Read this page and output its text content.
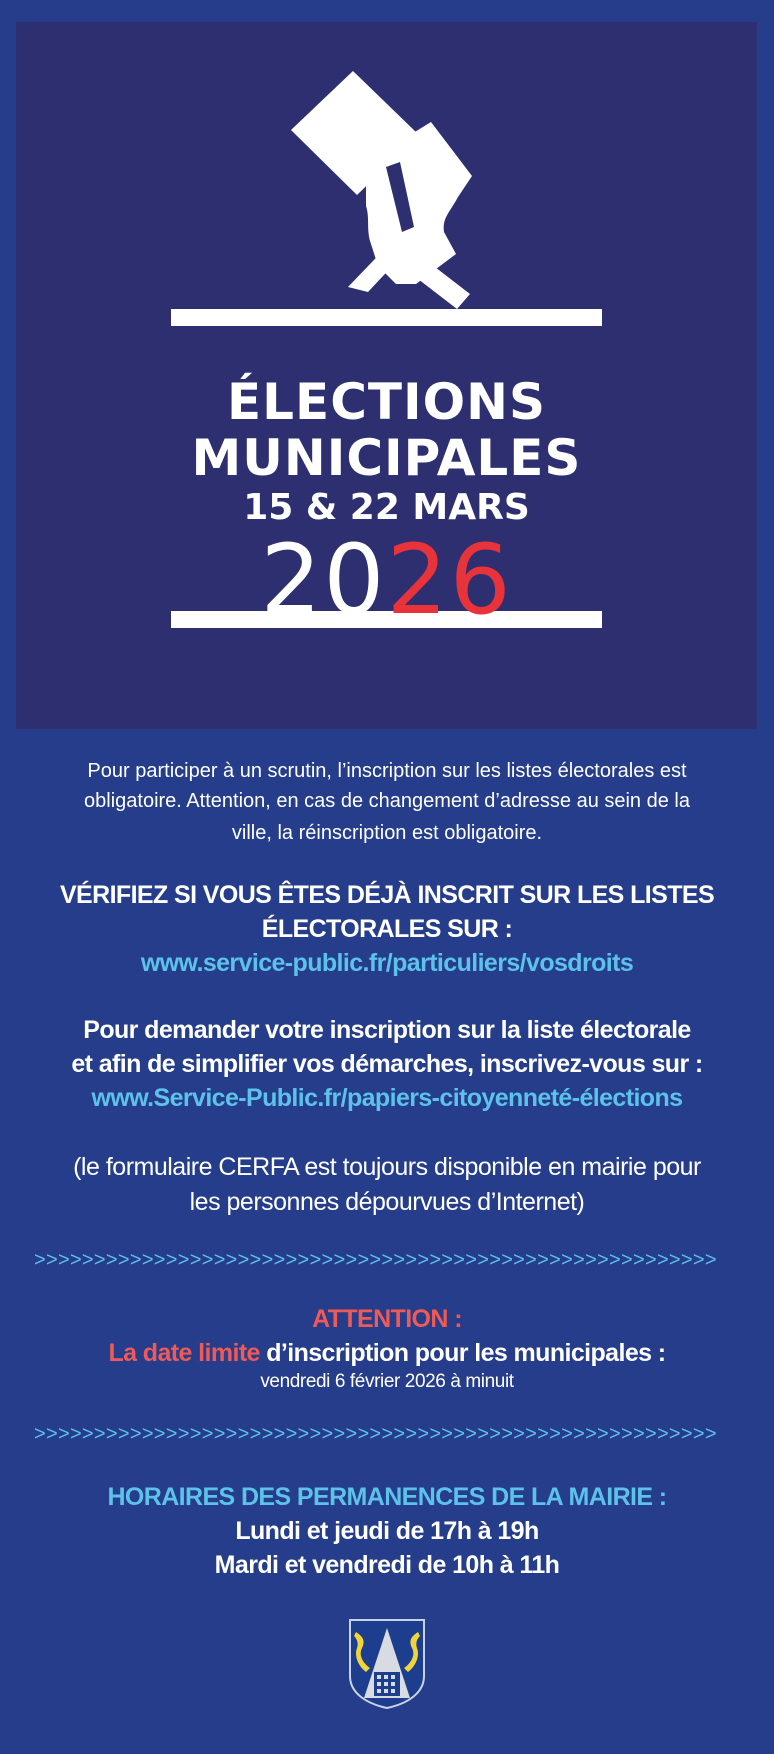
ÉLECTIONS
MUNICIPALES
15 & 22 MARS
2026
Pour participer à un scrutin, l’inscription sur les listes électorales est
obligatoire. Attention, en cas de changement d’adresse au sein de la

ville, la réinscription est obligatoire.
VÉRIFIEZ SI VOUS ÊTES DÉJÀ INSCRIT SUR LES LISTES
ÉLECTORALES SUR :
www.service-public.fr/particuliers/vosdroits
Pour demander votre inscription sur la liste électorale
et afin de simplifier vos démarches, inscrivez-vous sur :
www.Service-Public.fr/papiers-citoyenneté-élections
(le formulaire CERFA est toujours disponible en mairie pour
les personnes dépourvues d’Internet)
>>>>>>>>>>>>>>>>>>>>>>>>>>>>>>>>>>>>>>>>>>>>>>>>>>>>>>>>>
ATTENTION :
La date limite d’inscription pour les municipales :
vendredi 6 février 2026 à minuit
>>>>>>>>>>>>>>>>>>>>>>>>>>>>>>>>>>>>>>>>>>>>>>>>>>>>>>>>>
HORAIRES DES PERMANENCES DE LA MAIRIE :
Lundi et jeudi de 17h à 19h
Mardi et vendredi de 10h à 11h
